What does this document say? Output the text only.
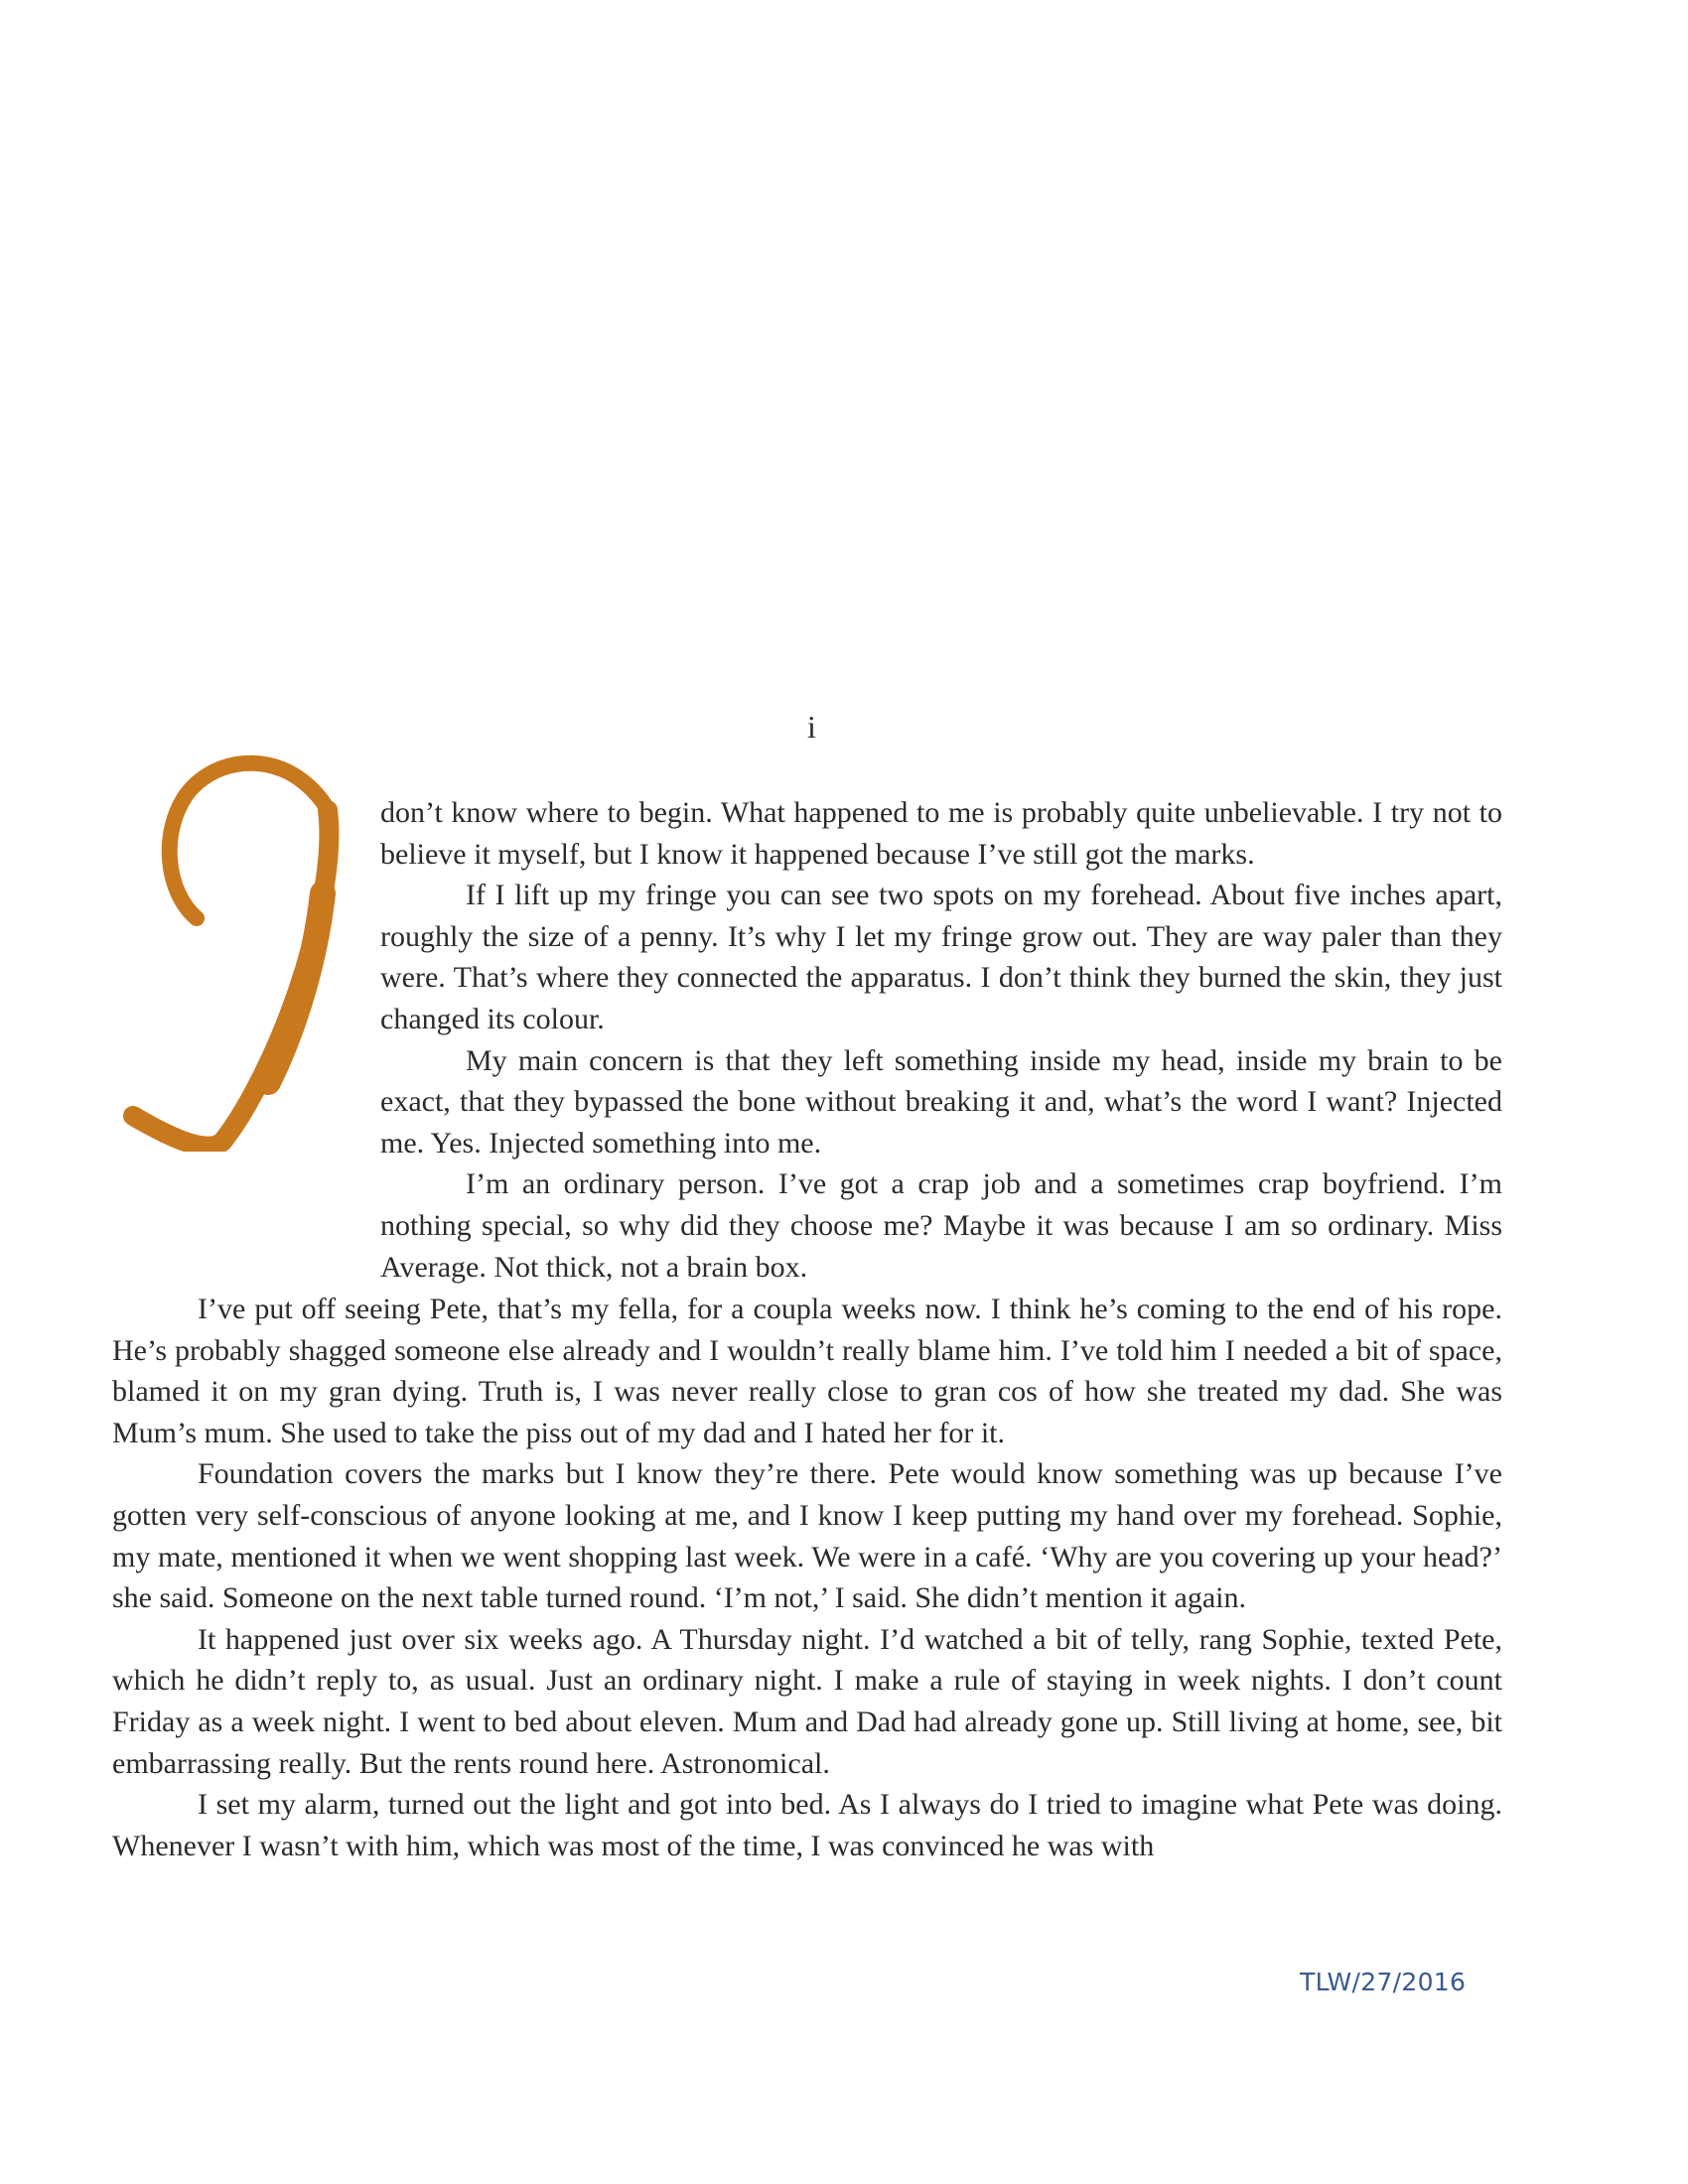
i

don’t know where to begin. What happened to me is probably quite unbelievable. I try not to believe it myself, but I know it happened because I’ve still got the marks.

If I lift up my fringe you can see two spots on my forehead. About five inches apart, roughly the size of a penny. It’s why I let my fringe grow out. They are way paler than they were. That’s where they connected the apparatus. I don’t think they burned the skin, they just changed its colour.

My main concern is that they left something inside my head, inside my brain to be exact, that they bypassed the bone without breaking it and, what’s the word I want? Injected me. Yes. Injected something into me.

I’m an ordinary person. I’ve got a crap job and a sometimes crap boyfriend. I’m nothing special, so why did they choose me? Maybe it was because I am so ordinary. Miss Average. Not thick, not a brain box.

I’ve put off seeing Pete, that’s my fella, for a coupla weeks now. I think he’s coming to the end of his rope. He’s probably shagged someone else already and I wouldn’t really blame him. I’ve told him I needed a bit of space, blamed it on my gran dying. Truth is, I was never really close to gran cos of how she treated my dad. She was Mum’s mum. She used to take the piss out of my dad and I hated her for it.

Foundation covers the marks but I know they’re there. Pete would know something was up because I’ve gotten very self-conscious of anyone looking at me, and I know I keep putting my hand over my forehead. Sophie, my mate, mentioned it when we went shopping last week. We were in a café. ‘Why are you covering up your head?’ she said. Someone on the next table turned round. ‘I’m not,’ I said. She didn’t mention it again.

It happened just over six weeks ago. A Thursday night. I’d watched a bit of telly, rang Sophie, texted Pete, which he didn’t reply to, as usual. Just an ordinary night. I make a rule of staying in week nights. I don’t count Friday as a week night. I went to bed about eleven. Mum and Dad had already gone up. Still living at home, see, bit embarrassing really. But the rents round here. Astronomical.

I set my alarm, turned out the light and got into bed. As I always do I tried to imagine what Pete was doing. Whenever I wasn’t with him, which was most of the time, I was convinced he was with

TLW/27/2016
